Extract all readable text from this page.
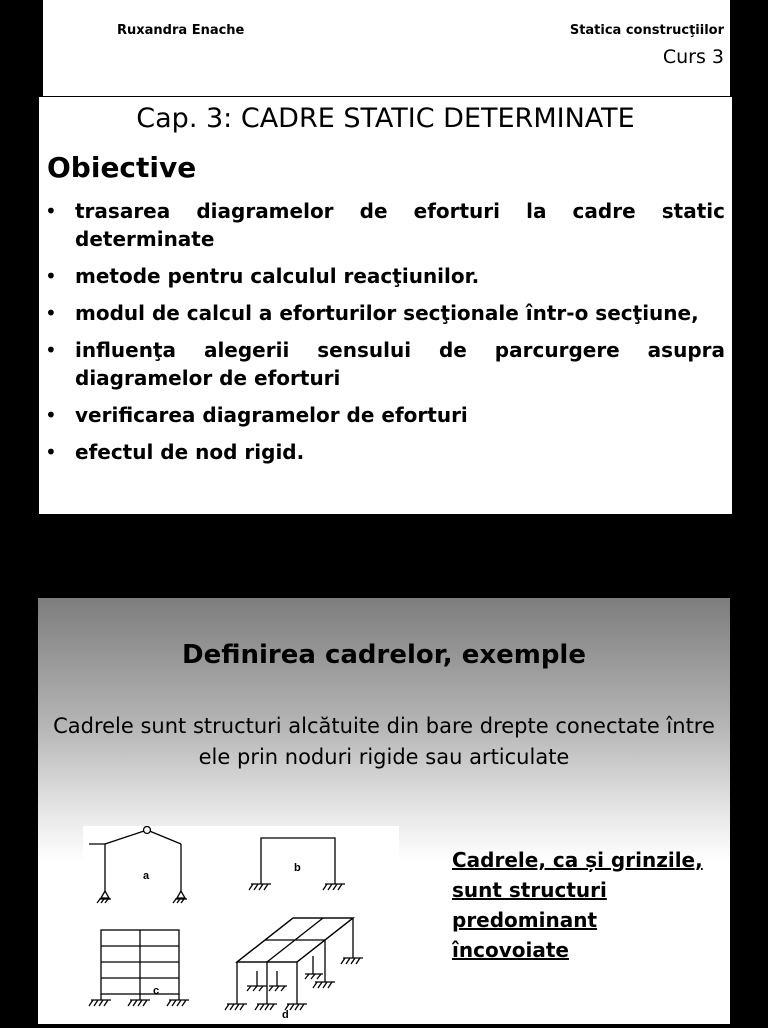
Ruxandra Enache	Statica construcţiilor
Curs 3
Cap. 3: CADRE STATIC DETERMINATE
Obiective
• trasarea diagramelor de eforturi la cadre static determinate
• metode pentru calculul reacţiunilor.
• modul de calcul a eforturilor secţionale într-o secţiune,
• influenţa alegerii sensului de parcurgere asupra diagramelor de eforturi
• verificarea diagramelor de eforturi
• efectul de nod rigid.
Definirea cadrelor, exemple
Cadrele sunt structuri alcătuite din bare drepte conectate între ele prin noduri rigide sau articulate
a
b
c
d
Cadrele, ca și grinzile,
sunt structuri
predominant
încovoiate
